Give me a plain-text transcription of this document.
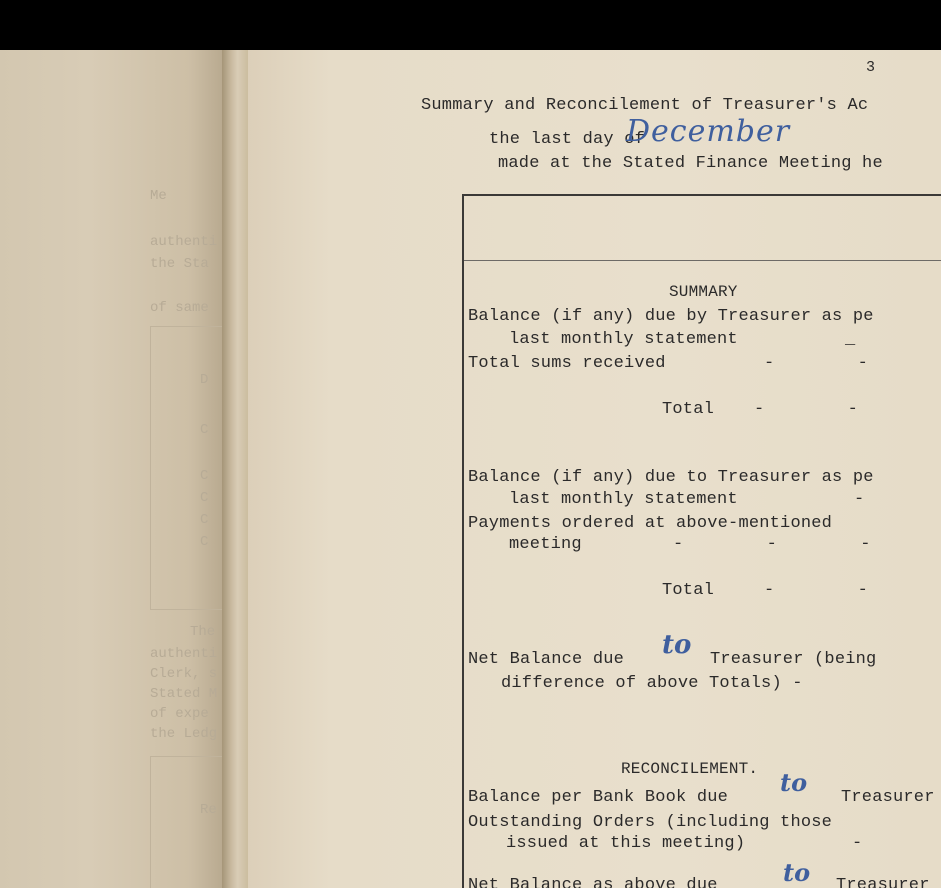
Me
authenti
the Sta
of same
D
C
C
C
C
C
The
authenti
Clerk, s
Stated M
of expe
the Ledg
Re
3
Summary and Reconcilement of Treasurer's Ac
the last day of
December
made at the Stated Finance Meeting he
SUMMARY
Balance (if any) due by Treasurer as pe
last monthly statement	_
Total sums received	-        -
Total -        -
Balance (if any) due to Treasurer as pe
last monthly statement	-
Payments ordered at above-mentioned
meeting	-        -        -
Total	-        -
Net Balance due to Treasurer (being
difference of above Totals) -
RECONCILEMENT.
Balance per Bank Book due
to
Treasurer
Outstanding Orders (including those
issued at this meeting)	-
Net Balance as above due	to Treasurer
